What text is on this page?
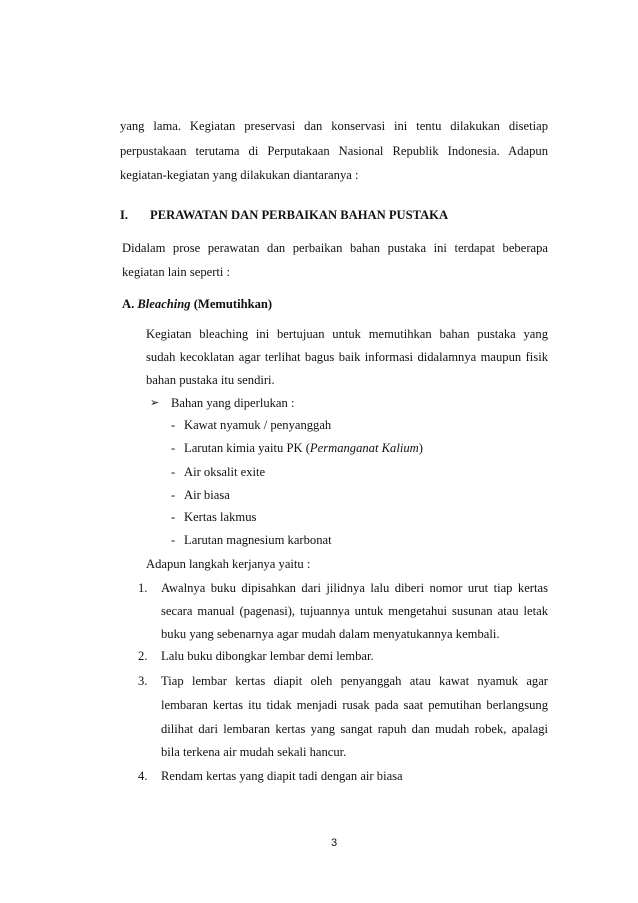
yang lama. Kegiatan preservasi dan konservasi ini tentu dilakukan disetiap
perpustakaan terutama di Perputakaan Nasional Republik Indonesia. Adapun
kegiatan-kegiatan yang dilakukan diantaranya :
I. PERAWATAN DAN PERBAIKAN BAHAN PUSTAKA
Didalam prose perawatan dan perbaikan bahan pustaka ini terdapat beberapa
kegiatan lain seperti :
A. Bleaching (Memutihkan)
Kegiatan bleaching ini bertujuan untuk memutihkan bahan pustaka yang
sudah kecoklatan agar terlihat bagus baik informasi didalamnya maupun fisik
bahan pustaka itu sendiri.
➢ Bahan yang diperlukan :
- Kawat nyamuk / penyanggah
- Larutan kimia yaitu PK (Permanganat Kalium)
- Air oksalit exite
- Air biasa
- Kertas lakmus
- Larutan magnesium karbonat
Adapun langkah kerjanya yaitu :
1. Awalnya buku dipisahkan dari jilidnya lalu diberi nomor urut tiap kertas
secara manual (pagenasi), tujuannya untuk mengetahui susunan atau letak
buku yang sebenarnya agar mudah dalam menyatukannya kembali.
2. Lalu buku dibongkar lembar demi lembar.
3. Tiap lembar kertas diapit oleh penyanggah atau kawat nyamuk agar
lembaran kertas itu tidak menjadi rusak pada saat pemutihan berlangsung
dilihat dari lembaran kertas yang sangat rapuh dan mudah robek, apalagi
bila terkena air mudah sekali hancur.
4. Rendam kertas yang diapit tadi dengan air biasa
3
